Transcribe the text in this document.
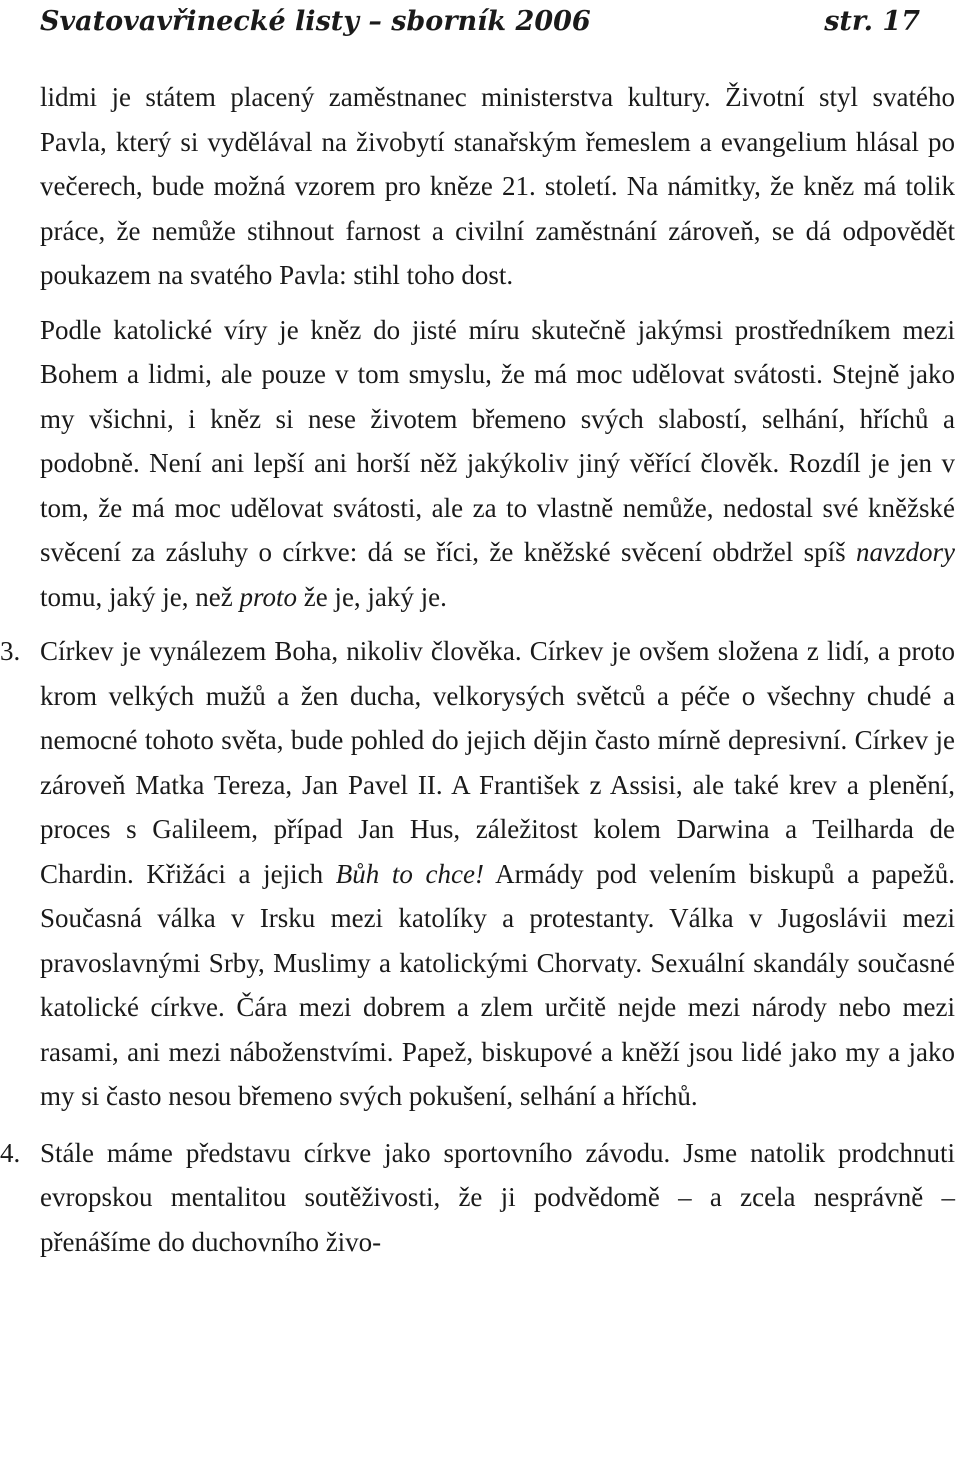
Svatovavřinecké listy – sborník 2006	str. 17

lidmi je státem placený zaměstnanec ministerstva kultury. Životní styl svatého Pavla, který si vydělával na živobytí stanařským řemeslem a evangelium hlásal po večerech, bude možná vzorem pro kněze 21. století. Na námitky, že kněz má tolik práce, že nemůže stihnout farnost a civilní zaměstnání zároveň, se dá odpovědět poukazem na svatého Pavla: stihl toho dost.

Podle katolické víry je kněz do jisté míru skutečně jakýmsi prostředníkem mezi Bohem a lidmi, ale pouze v tom smyslu, že má moc udělovat svátosti. Stejně jako my všichni, i kněz si nese životem břemeno svých slabostí, selhání, hříchů a podobně. Není ani lepší ani horší něž jakýkoliv jiný věřící člověk. Rozdíl je jen v tom, že má moc udělovat svátosti, ale za to vlastně nemůže, nedostal své kněžské svěcení za zásluhy o církve: dá se říci, že kněžské svěcení obdržel spíš navzdory tomu, jaký je, než proto že je, jaký je.

3. Církev je vynálezem Boha, nikoliv člověka. Církev je ovšem složena z lidí, a proto krom velkých mužů a žen ducha, velkorysých světců a péče o všechny chudé a nemocné tohoto světa, bude pohled do jejich dějin často mírně depresivní. Církev je zároveň Matka Tereza, Jan Pavel II. A František z Assisi, ale také krev a plenění, proces s Galileem, případ Jan Hus, záležitost kolem Darwina a Teilharda de Chardin. Křižáci a jejich Bůh to chce! Armády pod velením biskupů a papežů. Současná válka v Irsku mezi katolíky a protestanty. Válka v Jugoslávii mezi pravoslavnými Srby, Muslimy a katolickými Chorvaty. Sexuální skandály současné katolické církve. Čára mezi dobrem a zlem určitě nejde mezi národy nebo mezi rasami, ani mezi náboženstvími. Papež, biskupové a kněží jsou lidé jako my a jako my si často nesou břemeno svých pokušení, selhání a hříchů.
4. Stále máme představu církve jako sportovního závodu. Jsme natolik prodchnuti evropskou mentalitou soutěživosti, že ji podvědomě – a zcela nesprávně – přenášíme do duchovního živo-
